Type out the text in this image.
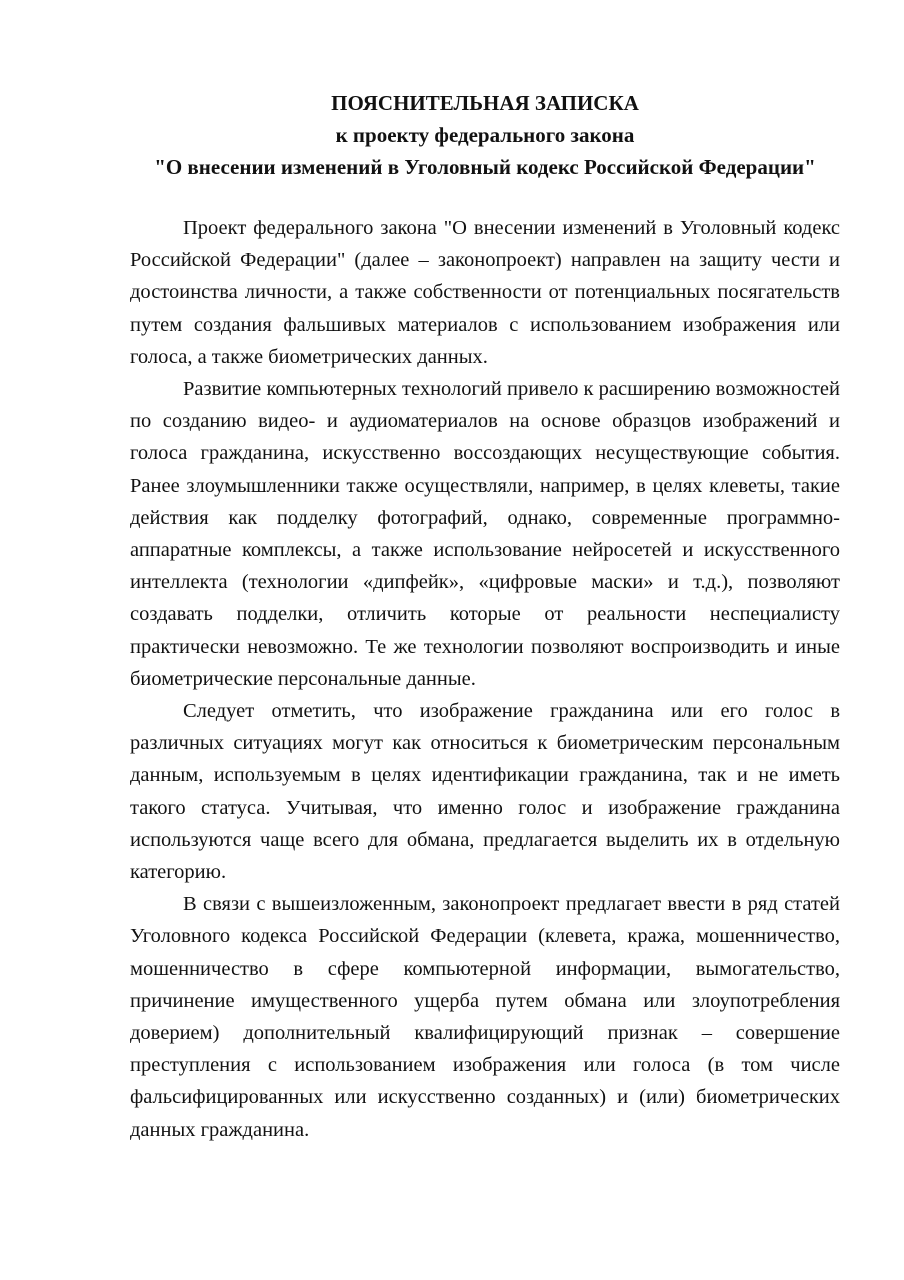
ПОЯСНИТЕЛЬНАЯ ЗАПИСКА
к проекту федерального закона
"О внесении изменений в Уголовный кодекс Российской Федерации"

Проект федерального закона "О внесении изменений в Уголовный кодекс Российской Федерации" (далее – законопроект) направлен на защиту чести и достоинства личности, а также собственности от потенциальных посягательств путем создания фальшивых материалов с использованием изображения или голоса, а также биометрических данных.

Развитие компьютерных технологий привело к расширению возможностей по созданию видео- и аудиоматериалов на основе образцов изображений и голоса гражданина, искусственно воссоздающих несуществующие события. Ранее злоумышленники также осуществляли, например, в целях клеветы, такие действия как подделку фотографий, однако, современные программно-аппаратные комплексы, а также использование нейросетей и искусственного интеллекта (технологии «дипфейк», «цифровые маски» и т.д.), позволяют создавать подделки, отличить которые от реальности неспециалисту практически невозможно. Те же технологии позволяют воспроизводить и иные биометрические персональные данные.

Следует отметить, что изображение гражданина или его голос в различных ситуациях могут как относиться к биометрическим персональным данным, используемым в целях идентификации гражданина, так и не иметь такого статуса. Учитывая, что именно голос и изображение гражданина используются чаще всего для обмана, предлагается выделить их в отдельную категорию.

В связи с вышеизложенным, законопроект предлагает ввести в ряд статей Уголовного кодекса Российской Федерации (клевета, кража, мошенничество, мошенничество в сфере компьютерной информации, вымогательство, причинение имущественного ущерба путем обмана или злоупотребления доверием) дополнительный квалифицирующий признак – совершение преступления с использованием изображения или голоса (в том числе фальсифицированных или искусственно созданных) и (или) биометрических данных гражданина.
